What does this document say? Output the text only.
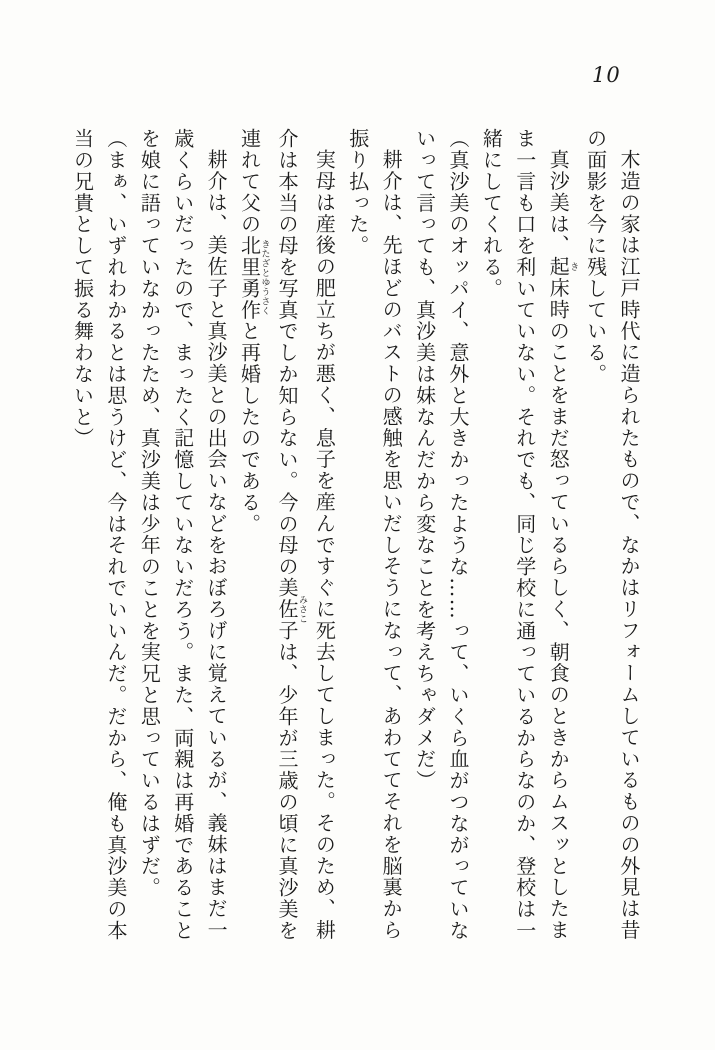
10
木造の家は江戸時代に造られたもので、なかはリフォームしているものの外見は昔
の面影を今に残している。
真沙美は、起き床時のことをまだ怒っているらしく、朝食のときからムスッとしたま
ま一言も口を利いていない。それでも、同じ学校に通っているからなのか、登校は一
緒にしてくれる。
（真沙美のオッパイ、意外と大きかったような……って、いくら血がつながっていな
いって言っても、真沙美は妹なんだから変なことを考えちゃダメだ）
耕介は、先ほどのバストの感触を思いだしそうになって、あわててそれを脳裏から
振り払った。
実母は産後の肥立ちが悪く、息子を産んですぐに死去してしまった。そのため、耕
介は本当の母を写真でしか知らない。今の母の美佐子みさこは、少年が三歳の頃に真沙美を
連れて父の北里勇作きたざとゆうさくと再婚したのである。
耕介は、美佐子と真沙美との出会いなどをおぼろげに覚えているが、義妹はまだ一
歳くらいだったので、まったく記憶していないだろう。また、両親は再婚であること
を娘に語っていなかったため、真沙美は少年のことを実兄と思っているはずだ。
（まぁ、いずれわかるとは思うけど、今はそれでいいんだ。だから、俺も真沙美の本
当の兄貴として振る舞わないと）
